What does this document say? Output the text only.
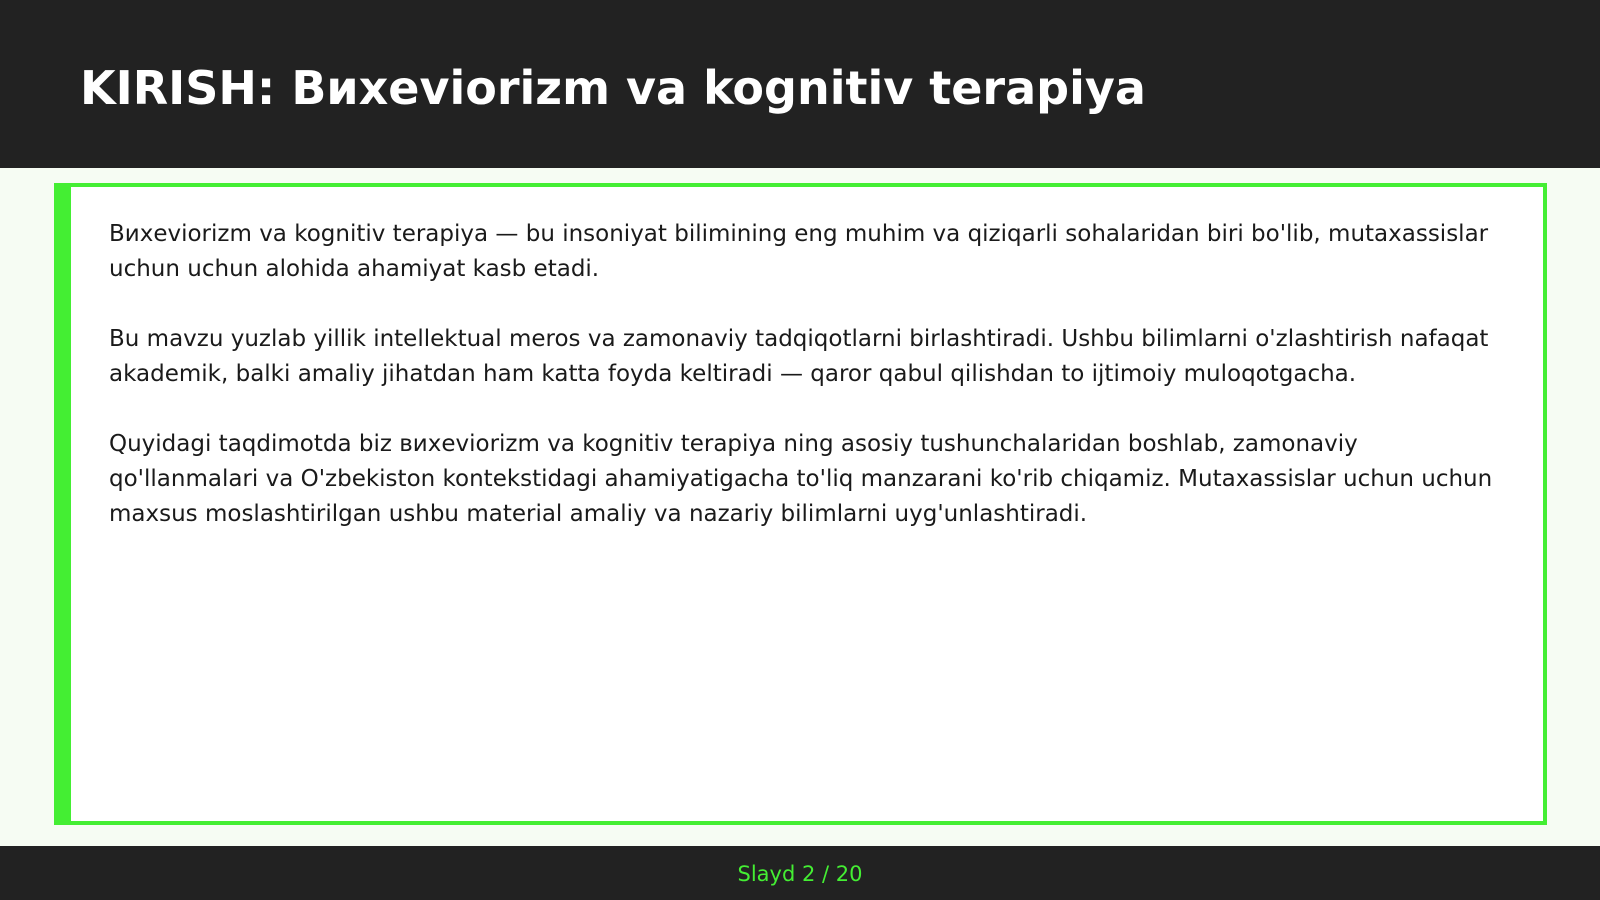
KIRISH: Вихeviorizm va kognitiv terapiya

Вихeviorizm va kognitiv terapiya — bu insoniyat bilimining eng muhim va qiziqarli sohalaridan biri bo'lib, mutaxassislar uchun uchun alohida ahamiyat kasb etadi.

Bu mavzu yuzlab yillik intellektual meros va zamonaviy tadqiqotlarni birlashtiradi. Ushbu bilimlarni o'zlashtirish nafaqat akademik, balki amaliy jihatdan ham katta foyda keltiradi — qaror qabul qilishdan to ijtimoiy muloqotgacha.

Quyidagi taqdimotda biz вихeviorizm va kognitiv terapiya ning asosiy tushunchalaridan boshlab, zamonaviy qo'llanmalari va O'zbekiston kontekstidagi ahamiyatigacha to'liq manzarani ko'rib chiqamiz. Mutaxassislar uchun uchun maxsus moslashtirilgan ushbu material amaliy va nazariy bilimlarni uyg'unlashtiradi.

Slayd 2 / 20
